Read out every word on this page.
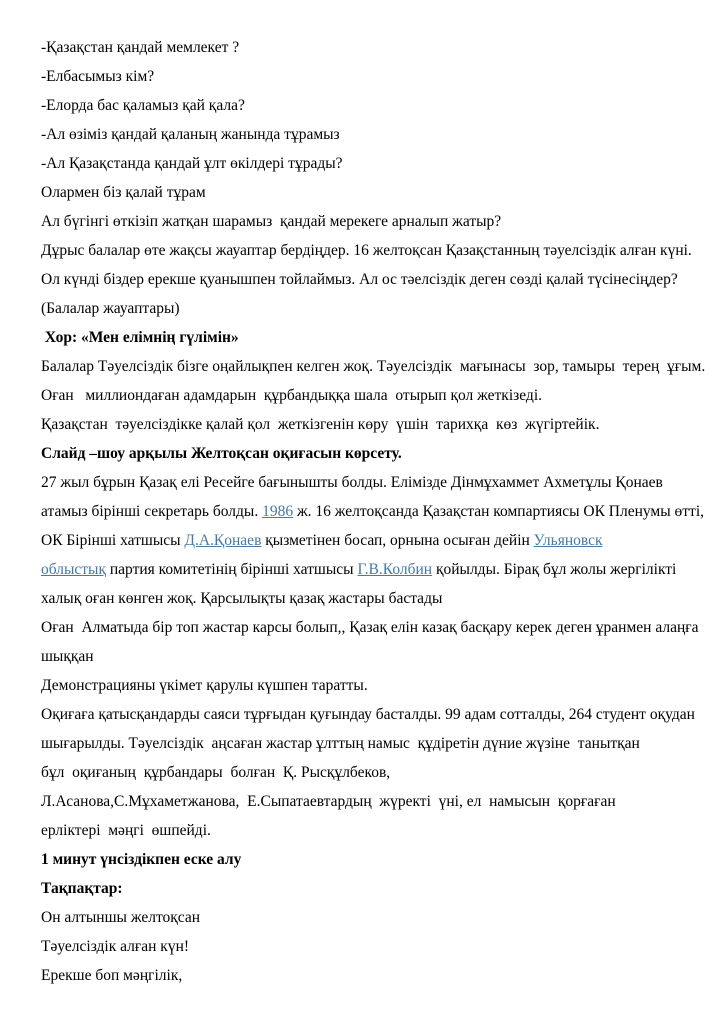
-Қазақстан қандай мемлекет ?

-Елбасымыз кім?

-Елорда бас қаламыз қай қала?

-Ал өзіміз қандай қаланың жанында тұрамыз

-Ал Қазақстанда қандай ұлт өкілдері тұрады?

Олармен біз қалай тұрам

Ал бүгінгі өткізіп жатқан шарамыз  қандай мерекеге арналып жатыр?

Дұрыс балалар өте жақсы жауаптар бердіңдер. 16 желтоқсан Қазақстанның тәуелсіздік алған күні.

Ол күнді біздер ерекше қуанышпен тойлаймыз. Ал ос тәелсіздік деген сөзді қалай түсінесіңдер?

(Балалар жауаптары)

Хор: «Мен елімнің гүлімін»

Балалар Тәуелсіздік бізге оңайлықпен келген жоқ. Тәуелсіздік  мағынасы  зор, тамыры  терең  ұғым.

Оған   миллиондаған адамдарын  құрбандыққа шала  отырып қол жеткізеді.

Қазақстан  тәуелсіздікке қалай қол  жеткізгенін көру  үшін  тарихқа  көз  жүгіртейік.

Слайд –шоу арқылы Желтоқсан оқиғасын көрсету.

27 жыл бұрын Қазақ елі Ресейге бағынышты болды. Елімізде Дінмұхаммет Ахметұлы Қонаев

атамыз бірінші секретарь болды. 1986 ж. 16 желтоқсанда Қазақстан компартиясы ОК Пленумы өтті,

ОК Бірінші хатшысы Д.А.Қонаев қызметінен босап, орнына осыған дейін Ульяновск

облыстық партия комитетінің бірінші хатшысы Г.В.Колбин қойылды. Бірақ бұл жолы жергілікті

халық оған көнген жоқ. Қарсылықты қазақ жастары бастады

Оған  Алматыда бір топ жастар карсы болып,, Қазақ елін казақ басқару керек деген ұранмен алаңға

шыққан

Демонстрацияны үкімет қарулы күшпен таратты.

Оқиғаға қатысқандарды саяси тұрғыдан қуғындау басталды. 99 адам сотталды, 264 студент оқудан

шығарылды. Тәуелсіздік  аңсаған жастар ұлттың намыс  құдіретін дүние жүзіне  танытқан

бұл  оқиғаның  құрбандары  болған  Қ. Рысқұлбеков,

Л.Асанова,С.Мұхаметжанова,  Е.Сыпатаевтардың  жүректі  үні, ел  намысын  қорғаған

ерліктері  мәңгі  өшпейді.

1 минут үнсіздікпен еске алу

Тақпақтар:

Он алтыншы желтоқсан

Тәуелсіздік алған күн!

Ерекше боп мәңгілік,
